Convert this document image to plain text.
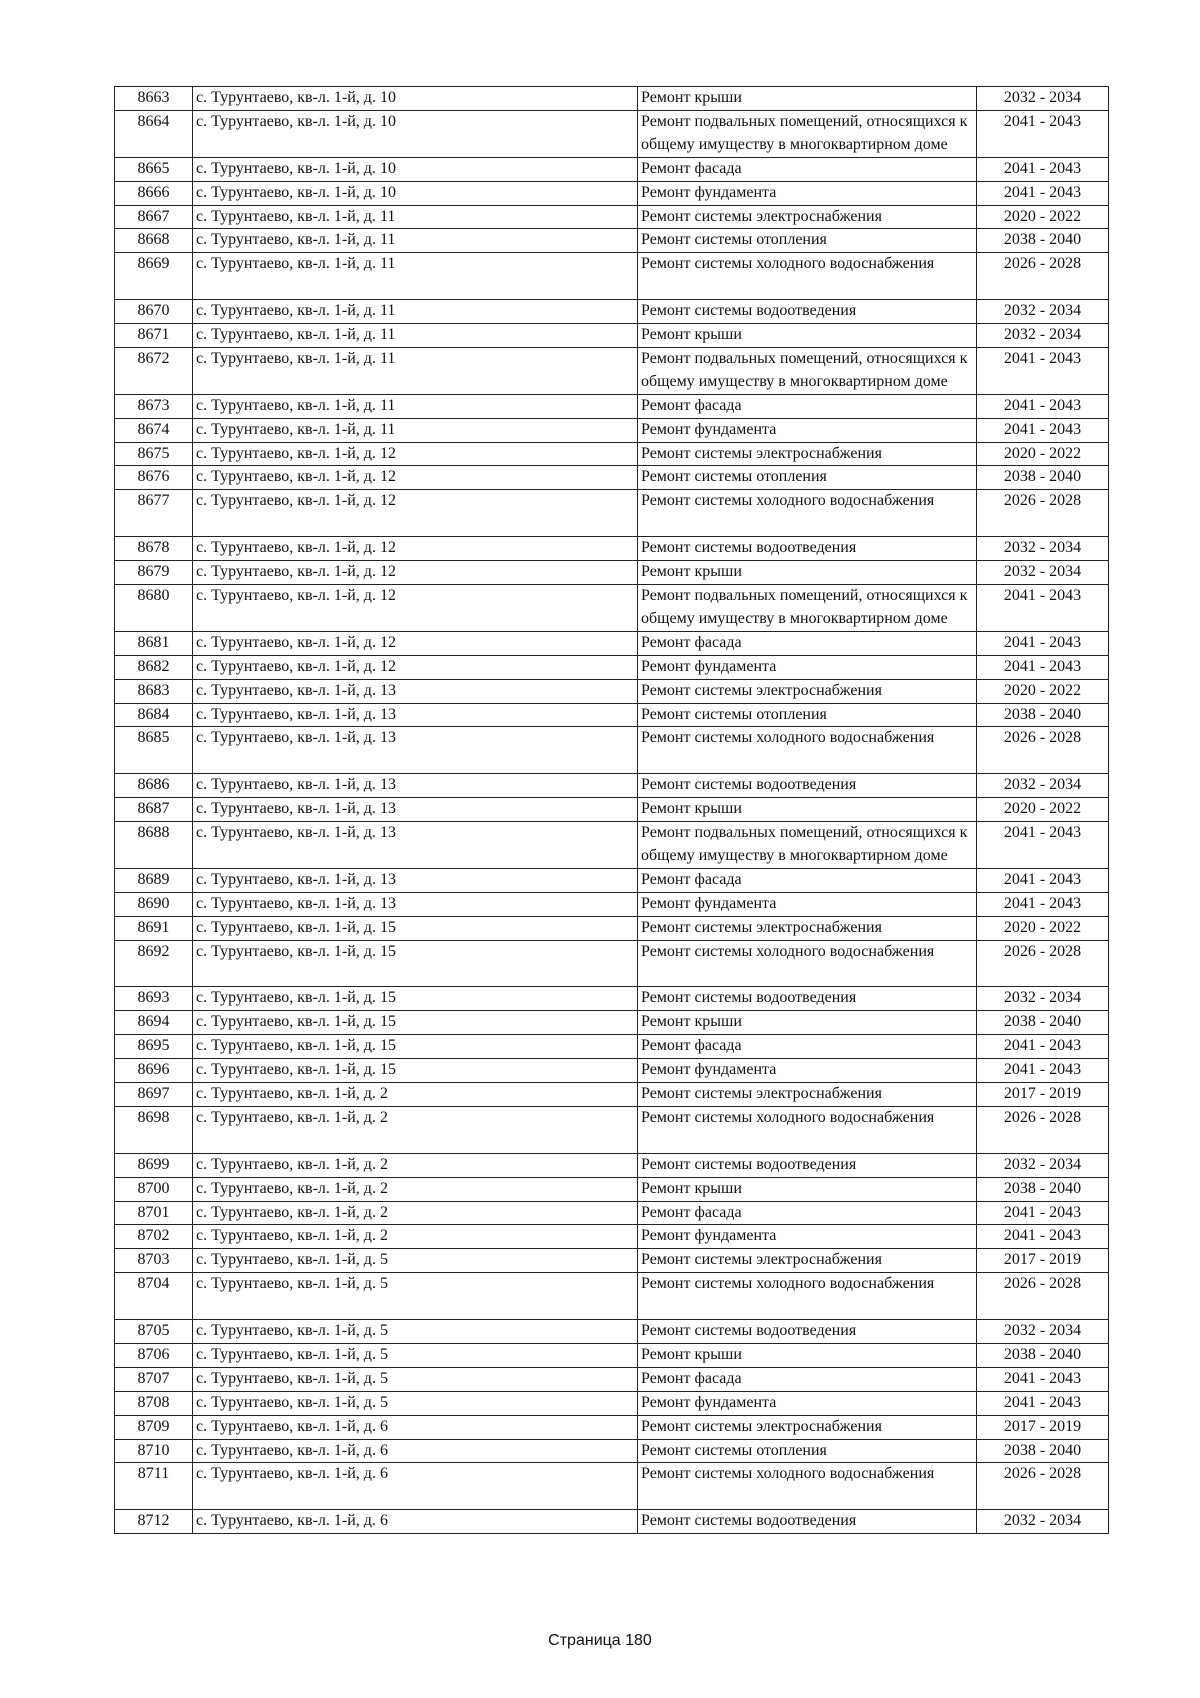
8663	с. Турунтаево, кв-л. 1-й, д. 10	Ремонт крыши	2032 - 2034
8664	с. Турунтаево, кв-л. 1-й, д. 10	Ремонт подвальных помещений, относящихся к общему имуществу в многоквартирном доме	2041 - 2043
8665	с. Турунтаево, кв-л. 1-й, д. 10	Ремонт фасада	2041 - 2043
8666	с. Турунтаево, кв-л. 1-й, д. 10	Ремонт фундамента	2041 - 2043
8667	с. Турунтаево, кв-л. 1-й, д. 11	Ремонт системы электроснабжения	2020 - 2022
8668	с. Турунтаево, кв-л. 1-й, д. 11	Ремонт системы отопления	2038 - 2040
8669	с. Турунтаево, кв-л. 1-й, д. 11	Ремонт системы холодного водоснабжения	2026 - 2028
8670	с. Турунтаево, кв-л. 1-й, д. 11	Ремонт системы водоотведения	2032 - 2034
8671	с. Турунтаево, кв-л. 1-й, д. 11	Ремонт крыши	2032 - 2034
8672	с. Турунтаево, кв-л. 1-й, д. 11	Ремонт подвальных помещений, относящихся к общему имуществу в многоквартирном доме	2041 - 2043
8673	с. Турунтаево, кв-л. 1-й, д. 11	Ремонт фасада	2041 - 2043
8674	с. Турунтаево, кв-л. 1-й, д. 11	Ремонт фундамента	2041 - 2043
8675	с. Турунтаево, кв-л. 1-й, д. 12	Ремонт системы электроснабжения	2020 - 2022
8676	с. Турунтаево, кв-л. 1-й, д. 12	Ремонт системы отопления	2038 - 2040
8677	с. Турунтаево, кв-л. 1-й, д. 12	Ремонт системы холодного водоснабжения	2026 - 2028
8678	с. Турунтаево, кв-л. 1-й, д. 12	Ремонт системы водоотведения	2032 - 2034
8679	с. Турунтаево, кв-л. 1-й, д. 12	Ремонт крыши	2032 - 2034
8680	с. Турунтаево, кв-л. 1-й, д. 12	Ремонт подвальных помещений, относящихся к общему имуществу в многоквартирном доме	2041 - 2043
8681	с. Турунтаево, кв-л. 1-й, д. 12	Ремонт фасада	2041 - 2043
8682	с. Турунтаево, кв-л. 1-й, д. 12	Ремонт фундамента	2041 - 2043
8683	с. Турунтаево, кв-л. 1-й, д. 13	Ремонт системы электроснабжения	2020 - 2022
8684	с. Турунтаево, кв-л. 1-й, д. 13	Ремонт системы отопления	2038 - 2040
8685	с. Турунтаево, кв-л. 1-й, д. 13	Ремонт системы холодного водоснабжения	2026 - 2028
8686	с. Турунтаево, кв-л. 1-й, д. 13	Ремонт системы водоотведения	2032 - 2034
8687	с. Турунтаево, кв-л. 1-й, д. 13	Ремонт крыши	2020 - 2022
8688	с. Турунтаево, кв-л. 1-й, д. 13	Ремонт подвальных помещений, относящихся к общему имуществу в многоквартирном доме	2041 - 2043
8689	с. Турунтаево, кв-л. 1-й, д. 13	Ремонт фасада	2041 - 2043
8690	с. Турунтаево, кв-л. 1-й, д. 13	Ремонт фундамента	2041 - 2043
8691	с. Турунтаево, кв-л. 1-й, д. 15	Ремонт системы электроснабжения	2020 - 2022
8692	с. Турунтаево, кв-л. 1-й, д. 15	Ремонт системы холодного водоснабжения	2026 - 2028
8693	с. Турунтаево, кв-л. 1-й, д. 15	Ремонт системы водоотведения	2032 - 2034
8694	с. Турунтаево, кв-л. 1-й, д. 15	Ремонт крыши	2038 - 2040
8695	с. Турунтаево, кв-л. 1-й, д. 15	Ремонт фасада	2041 - 2043
8696	с. Турунтаево, кв-л. 1-й, д. 15	Ремонт фундамента	2041 - 2043
8697	с. Турунтаево, кв-л. 1-й, д. 2	Ремонт системы электроснабжения	2017 - 2019
8698	с. Турунтаево, кв-л. 1-й, д. 2	Ремонт системы холодного водоснабжения	2026 - 2028
8699	с. Турунтаево, кв-л. 1-й, д. 2	Ремонт системы водоотведения	2032 - 2034
8700	с. Турунтаево, кв-л. 1-й, д. 2	Ремонт крыши	2038 - 2040
8701	с. Турунтаево, кв-л. 1-й, д. 2	Ремонт фасада	2041 - 2043
8702	с. Турунтаево, кв-л. 1-й, д. 2	Ремонт фундамента	2041 - 2043
8703	с. Турунтаево, кв-л. 1-й, д. 5	Ремонт системы электроснабжения	2017 - 2019
8704	с. Турунтаево, кв-л. 1-й, д. 5	Ремонт системы холодного водоснабжения	2026 - 2028
8705	с. Турунтаево, кв-л. 1-й, д. 5	Ремонт системы водоотведения	2032 - 2034
8706	с. Турунтаево, кв-л. 1-й, д. 5	Ремонт крыши	2038 - 2040
8707	с. Турунтаево, кв-л. 1-й, д. 5	Ремонт фасада	2041 - 2043
8708	с. Турунтаево, кв-л. 1-й, д. 5	Ремонт фундамента	2041 - 2043
8709	с. Турунтаево, кв-л. 1-й, д. 6	Ремонт системы электроснабжения	2017 - 2019
8710	с. Турунтаево, кв-л. 1-й, д. 6	Ремонт системы отопления	2038 - 2040
8711	с. Турунтаево, кв-л. 1-й, д. 6	Ремонт системы холодного водоснабжения	2026 - 2028
8712	с. Турунтаево, кв-л. 1-й, д. 6	Ремонт системы водоотведения	2032 - 2034
Страница 180
